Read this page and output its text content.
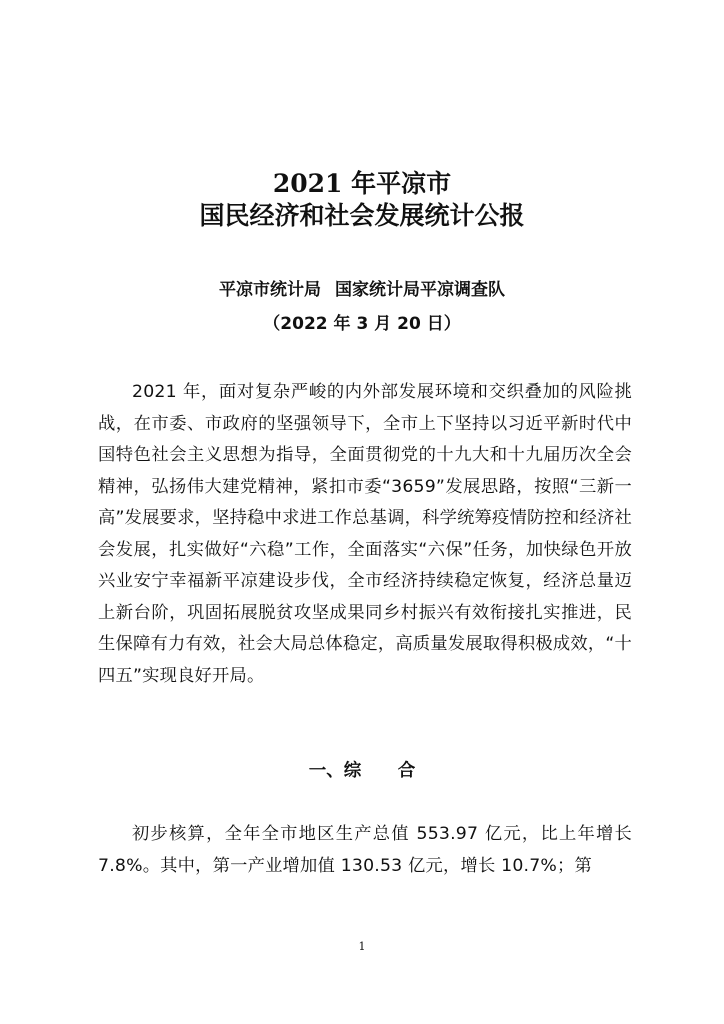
2021 年平凉市
国民经济和社会发展统计公报
平凉市统计局 国家统计局平凉调查队
（2022 年 3 月 20 日）

2021 年，面对复杂严峻的内外部发展环境和交织叠加的风险挑战，在市委、市政府的坚强领导下，全市上下坚持以习近平新时代中国特色社会主义思想为指导，全面贯彻党的十九大和十九届历次全会精神，弘扬伟大建党精神，紧扣市委“3659”发展思路，按照“三新一高”发展要求，坚持稳中求进工作总基调，科学统筹疫情防控和经济社会发展，扎实做好“六稳”工作，全面落实“六保”任务，加快绿色开放兴业安宁幸福新平凉建设步伐，全市经济持续稳定恢复，经济总量迈上新台阶，巩固拓展脱贫攻坚成果同乡村振兴有效衔接扎实推进，民生保障有力有效，社会大局总体稳定，高质量发展取得积极成效，“十四五”实现良好开局。

一、综      合

初步核算，全年全市地区生产总值 553.97 亿元，比上年增长 7.8%。其中，第一产业增加值 130.53 亿元，增长 10.7%；第

1
